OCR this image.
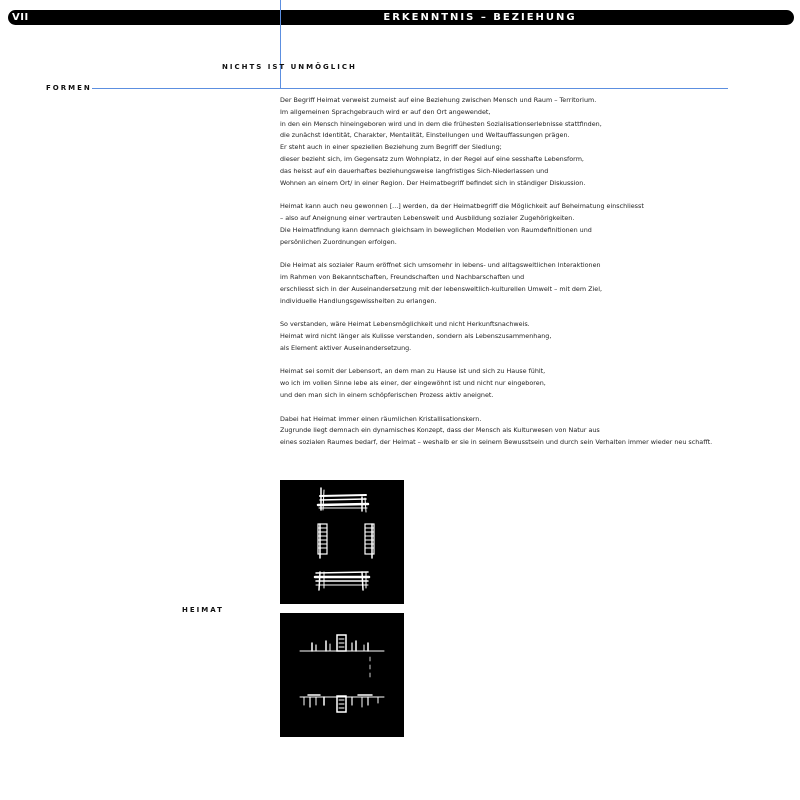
VII	ERKENNTNIS – BEZIEHUNG
NICHTS IST UNMÖGLICH
FORMEN
HEIMAT

Der Begriff Heimat verweist zumeist auf eine Beziehung zwischen Mensch und Raum – Territorium.
Im allgemeinen Sprachgebrauch wird er auf den Ort angewendet,
in den ein Mensch hineingeboren wird und in dem die frühesten Sozialisationserlebnisse stattfinden,
die zunächst Identität, Charakter, Mentalität, Einstellungen und Weltauffassungen prägen.
Er steht auch in einer speziellen Beziehung zum Begriff der Siedlung;
dieser bezieht sich, im Gegensatz zum Wohnplatz, in der Regel auf eine sesshafte Lebensform,
das heisst auf ein dauerhaftes beziehungsweise langfristiges Sich-Niederlassen und
Wohnen an einem Ort/ in einer Region. Der Heimatbegriff befindet sich in ständiger Diskussion.

Heimat kann auch neu gewonnen [...] werden, da der Heimatbegriff die Möglichkeit auf Beheimatung einschliesst
– also auf Aneignung einer vertrauten Lebenswelt und Ausbildung sozialer Zugehörigkeiten.
Die Heimatfindung kann demnach gleichsam in beweglichen Modellen von Raumdefinitionen und
persönlichen Zuordnungen erfolgen.

Die Heimat als sozialer Raum eröffnet sich umsomehr in lebens- und alltagsweltlichen Interaktionen
im Rahmen von Bekanntschaften, Freundschaften und Nachbarschaften und
erschliesst sich in der Auseinandersetzung mit der lebensweltlich-kulturellen Umwelt – mit dem Ziel,
individuelle Handlungsgewissheiten zu erlangen.

So verstanden, wäre Heimat Lebensmöglichkeit und nicht Herkunftsnachweis.
Heimat wird nicht länger als Kulisse verstanden, sondern als Lebenszusammenhang,
als Element aktiver Auseinandersetzung.

Heimat sei somit der Lebensort, an dem man zu Hause ist und sich zu Hause fühlt,
wo ich im vollen Sinne lebe als einer, der eingewöhnt ist und nicht nur eingeboren,
und den man sich in einem schöpferischen Prozess aktiv aneignet.

Dabei hat Heimat immer einen räumlichen Kristallisationskern.
Zugrunde liegt demnach ein dynamisches Konzept, dass der Mensch als Kulturwesen von Natur aus
eines sozialen Raumes bedarf, der Heimat – weshalb er sie in seinem Bewusstsein und durch sein Verhalten immer wieder neu schafft.
